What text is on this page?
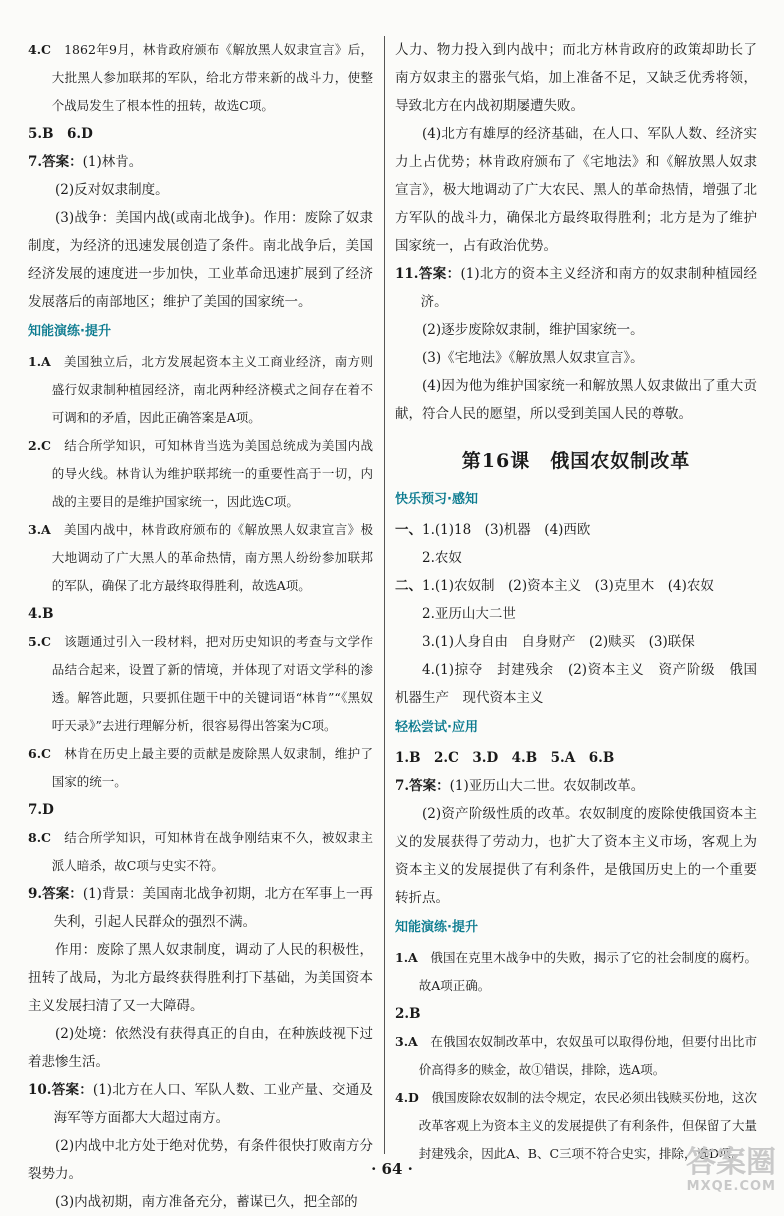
4.C　1862年9月，林肯政府颁布《解放黑人奴隶宣言》后，大批黑人参加联邦的军队，给北方带来新的战斗力，使整个战局发生了根本性的扭转，故选C项。

5.B　6.D

7.答案：(1)林肯。

(2)反对奴隶制度。

(3)战争：美国内战(或南北战争)。作用：废除了奴隶制度，为经济的迅速发展创造了条件。南北战争后，美国经济发展的速度进一步加快，工业革命迅速扩展到了经济发展落后的南部地区；维护了美国的国家统一。

知能演练·提升

1.A　美国独立后，北方发展起资本主义工商业经济，南方则盛行奴隶制种植园经济，南北两种经济模式之间存在着不可调和的矛盾，因此正确答案是A项。

2.C　结合所学知识，可知林肯当选为美国总统成为美国内战的导火线。林肯认为维护联邦统一的重要性高于一切，内战的主要目的是维护国家统一，因此选C项。

3.A　美国内战中，林肯政府颁布的《解放黑人奴隶宣言》极大地调动了广大黑人的革命热情，南方黑人纷纷参加联邦的军队，确保了北方最终取得胜利，故选A项。

4.B

5.C　该题通过引入一段材料，把对历史知识的考查与文学作品结合起来，设置了新的情境，并体现了对语文学科的渗透。解答此题，只要抓住题干中的关键词语“林肯”“《黑奴吁天录》”去进行理解分析，很容易得出答案为C项。

6.C　林肯在历史上最主要的贡献是废除黑人奴隶制，维护了国家的统一。

7.D

8.C　结合所学知识，可知林肯在战争刚结束不久，被奴隶主派人暗杀，故C项与史实不符。

9.答案：(1)背景：美国南北战争初期，北方在军事上一再失利，引起人民群众的强烈不满。

作用：废除了黑人奴隶制度，调动了人民的积极性，扭转了战局，为北方最终获得胜利打下基础，为美国资本主义发展扫清了又一大障碍。

(2)处境：依然没有获得真正的自由，在种族歧视下过着悲惨生活。

10.答案：(1)北方在人口、军队人数、工业产量、交通及海军等方面都大大超过南方。

(2)内战中北方处于绝对优势，有条件很快打败南方分裂势力。

(3)内战初期，南方准备充分，蓄谋已久，把全部的

人力、物力投入到内战中；而北方林肯政府的政策却助长了南方奴隶主的嚣张气焰，加上准备不足，又缺乏优秀将领，导致北方在内战初期屡遭失败。

(4)北方有雄厚的经济基础，在人口、军队人数、经济实力上占优势；林肯政府颁布了《宅地法》和《解放黑人奴隶宣言》，极大地调动了广大农民、黑人的革命热情，增强了北方军队的战斗力，确保北方最终取得胜利；北方是为了维护国家统一，占有政治优势。

11.答案：(1)北方的资本主义经济和南方的奴隶制种植园经济。

(2)逐步废除奴隶制，维护国家统一。

(3)《宅地法》《解放黑人奴隶宣言》。

(4)因为他为维护国家统一和解放黑人奴隶做出了重大贡献，符合人民的愿望，所以受到美国人民的尊敬。

第16课　俄国农奴制改革

快乐预习·感知

一、1.(1)18　(3)机器　(4)西欧

2.农奴

二、1.(1)农奴制　(2)资本主义　(3)克里木　(4)农奴

2.亚历山大二世

3.(1)人身自由　自身财产　(2)赎买　(3)联保

4.(1)掠夺　封建残余　(2)资本主义　资产阶级　俄国　机器生产　现代资本主义

轻松尝试·应用

1.B　2.C　3.D　4.B　5.A　6.B

7.答案：(1)亚历山大二世。农奴制改革。

(2)资产阶级性质的改革。农奴制度的废除使俄国资本主义的发展获得了劳动力，也扩大了资本主义市场，客观上为资本主义的发展提供了有利条件，是俄国历史上的一个重要转折点。

知能演练·提升

1.A　俄国在克里木战争中的失败，揭示了它的社会制度的腐朽。故A项正确。

2.B

3.A　在俄国农奴制改革中，农奴虽可以取得份地，但要付出比市价高得多的赎金，故①错误，排除，选A项。

4.D　俄国废除农奴制的法令规定，农民必须出钱赎买份地，这次改革客观上为资本主义的发展提供了有利条件，但保留了大量封建残余，因此A、B、C三项不符合史实，排除，选D项。

· 64 ·	答案圈
MXQE.COM
